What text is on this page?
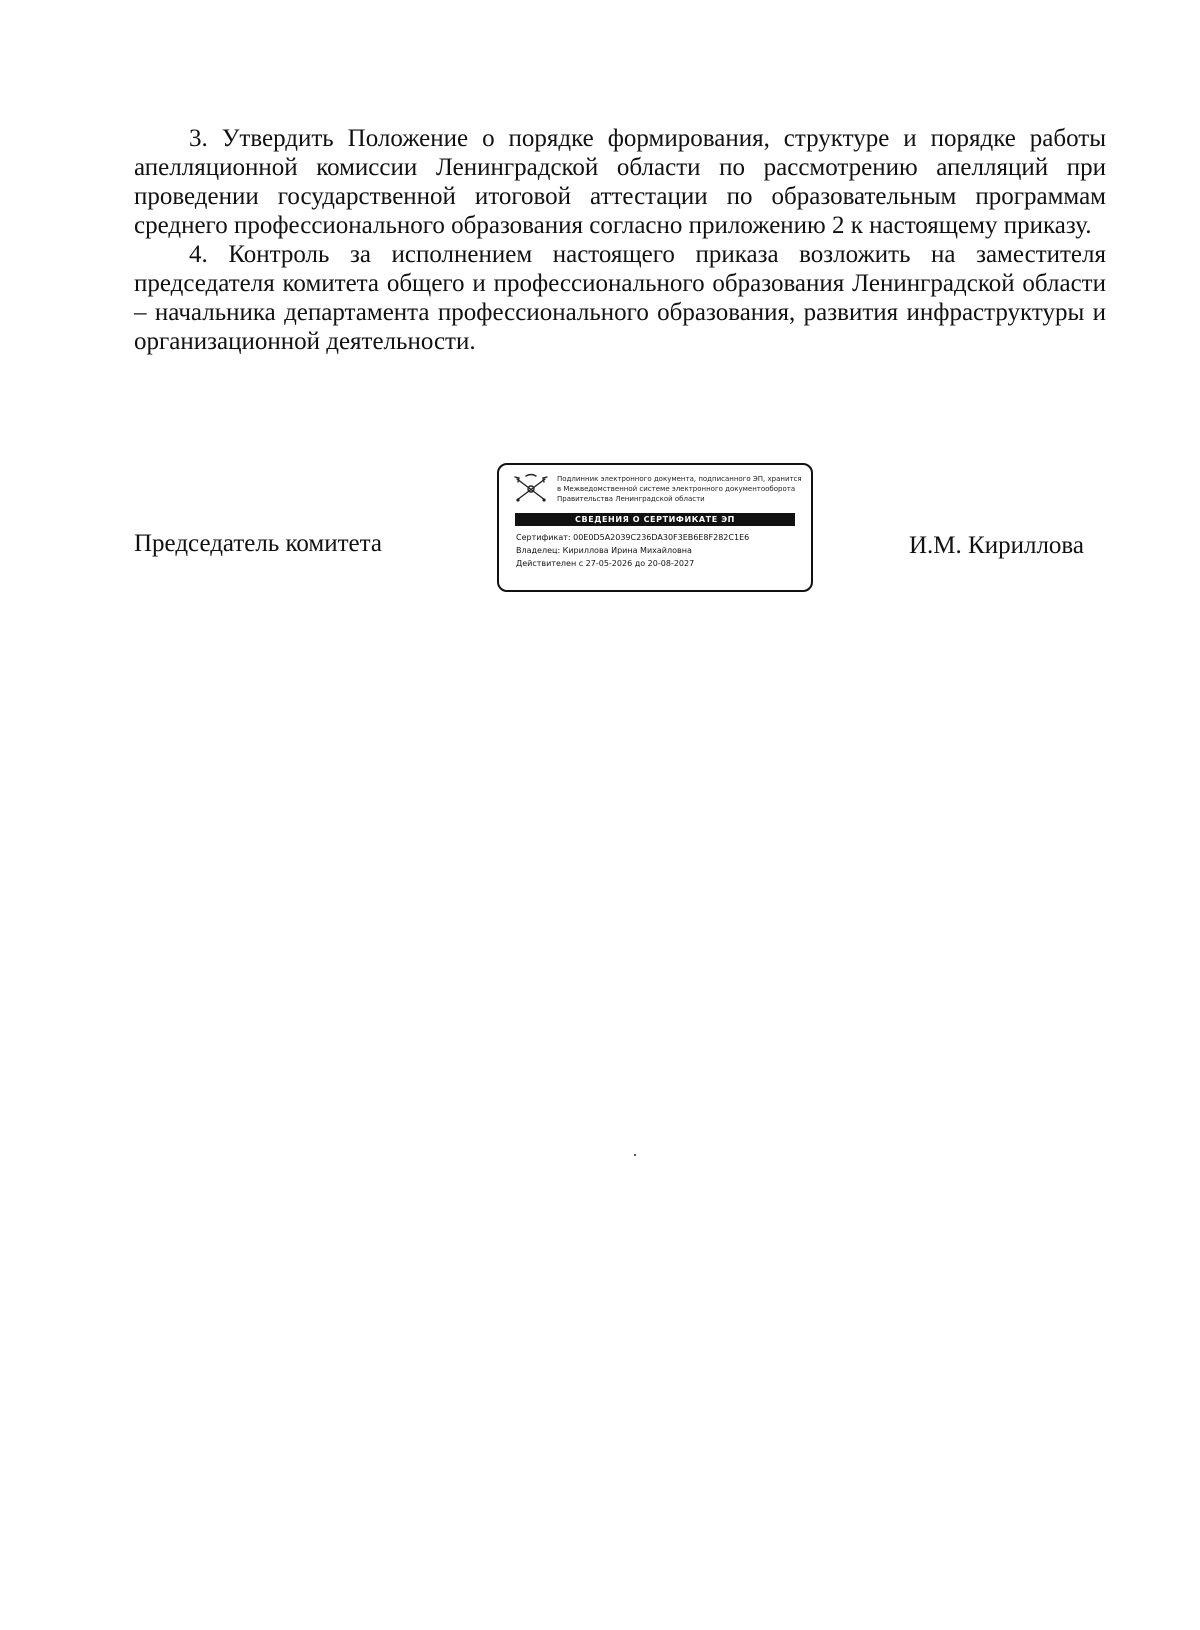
3. Утвердить Положение о порядке формирования, структуре и порядке работы апелляционной комиссии Ленинградской области по рассмотрению апелляций при проведении государственной итоговой аттестации по образовательным программам среднего профессионального образования согласно приложению 2 к настоящему приказу.

4. Контроль за исполнением настоящего приказа возложить на заместителя председателя комитета общего и профессионального образования Ленинградской области – начальника департамента профессионального образования, развития инфраструктуры и организационной деятельности.

Председатель комитета
Подлинник электронного документа, подписанного ЭП, хранится в Межведомственной системе электронного документооборота Правительства Ленинградской области
СВЕДЕНИЯ О СЕРТИФИКАТЕ ЭП
Сертификат: 00E0D5A2039C236DA30F3EB6E8F282C1E6
Владелец: Кириллова Ирина Михайловна
Действителен с 27-05-2026 до 20-08-2027
И.М. Кириллова
